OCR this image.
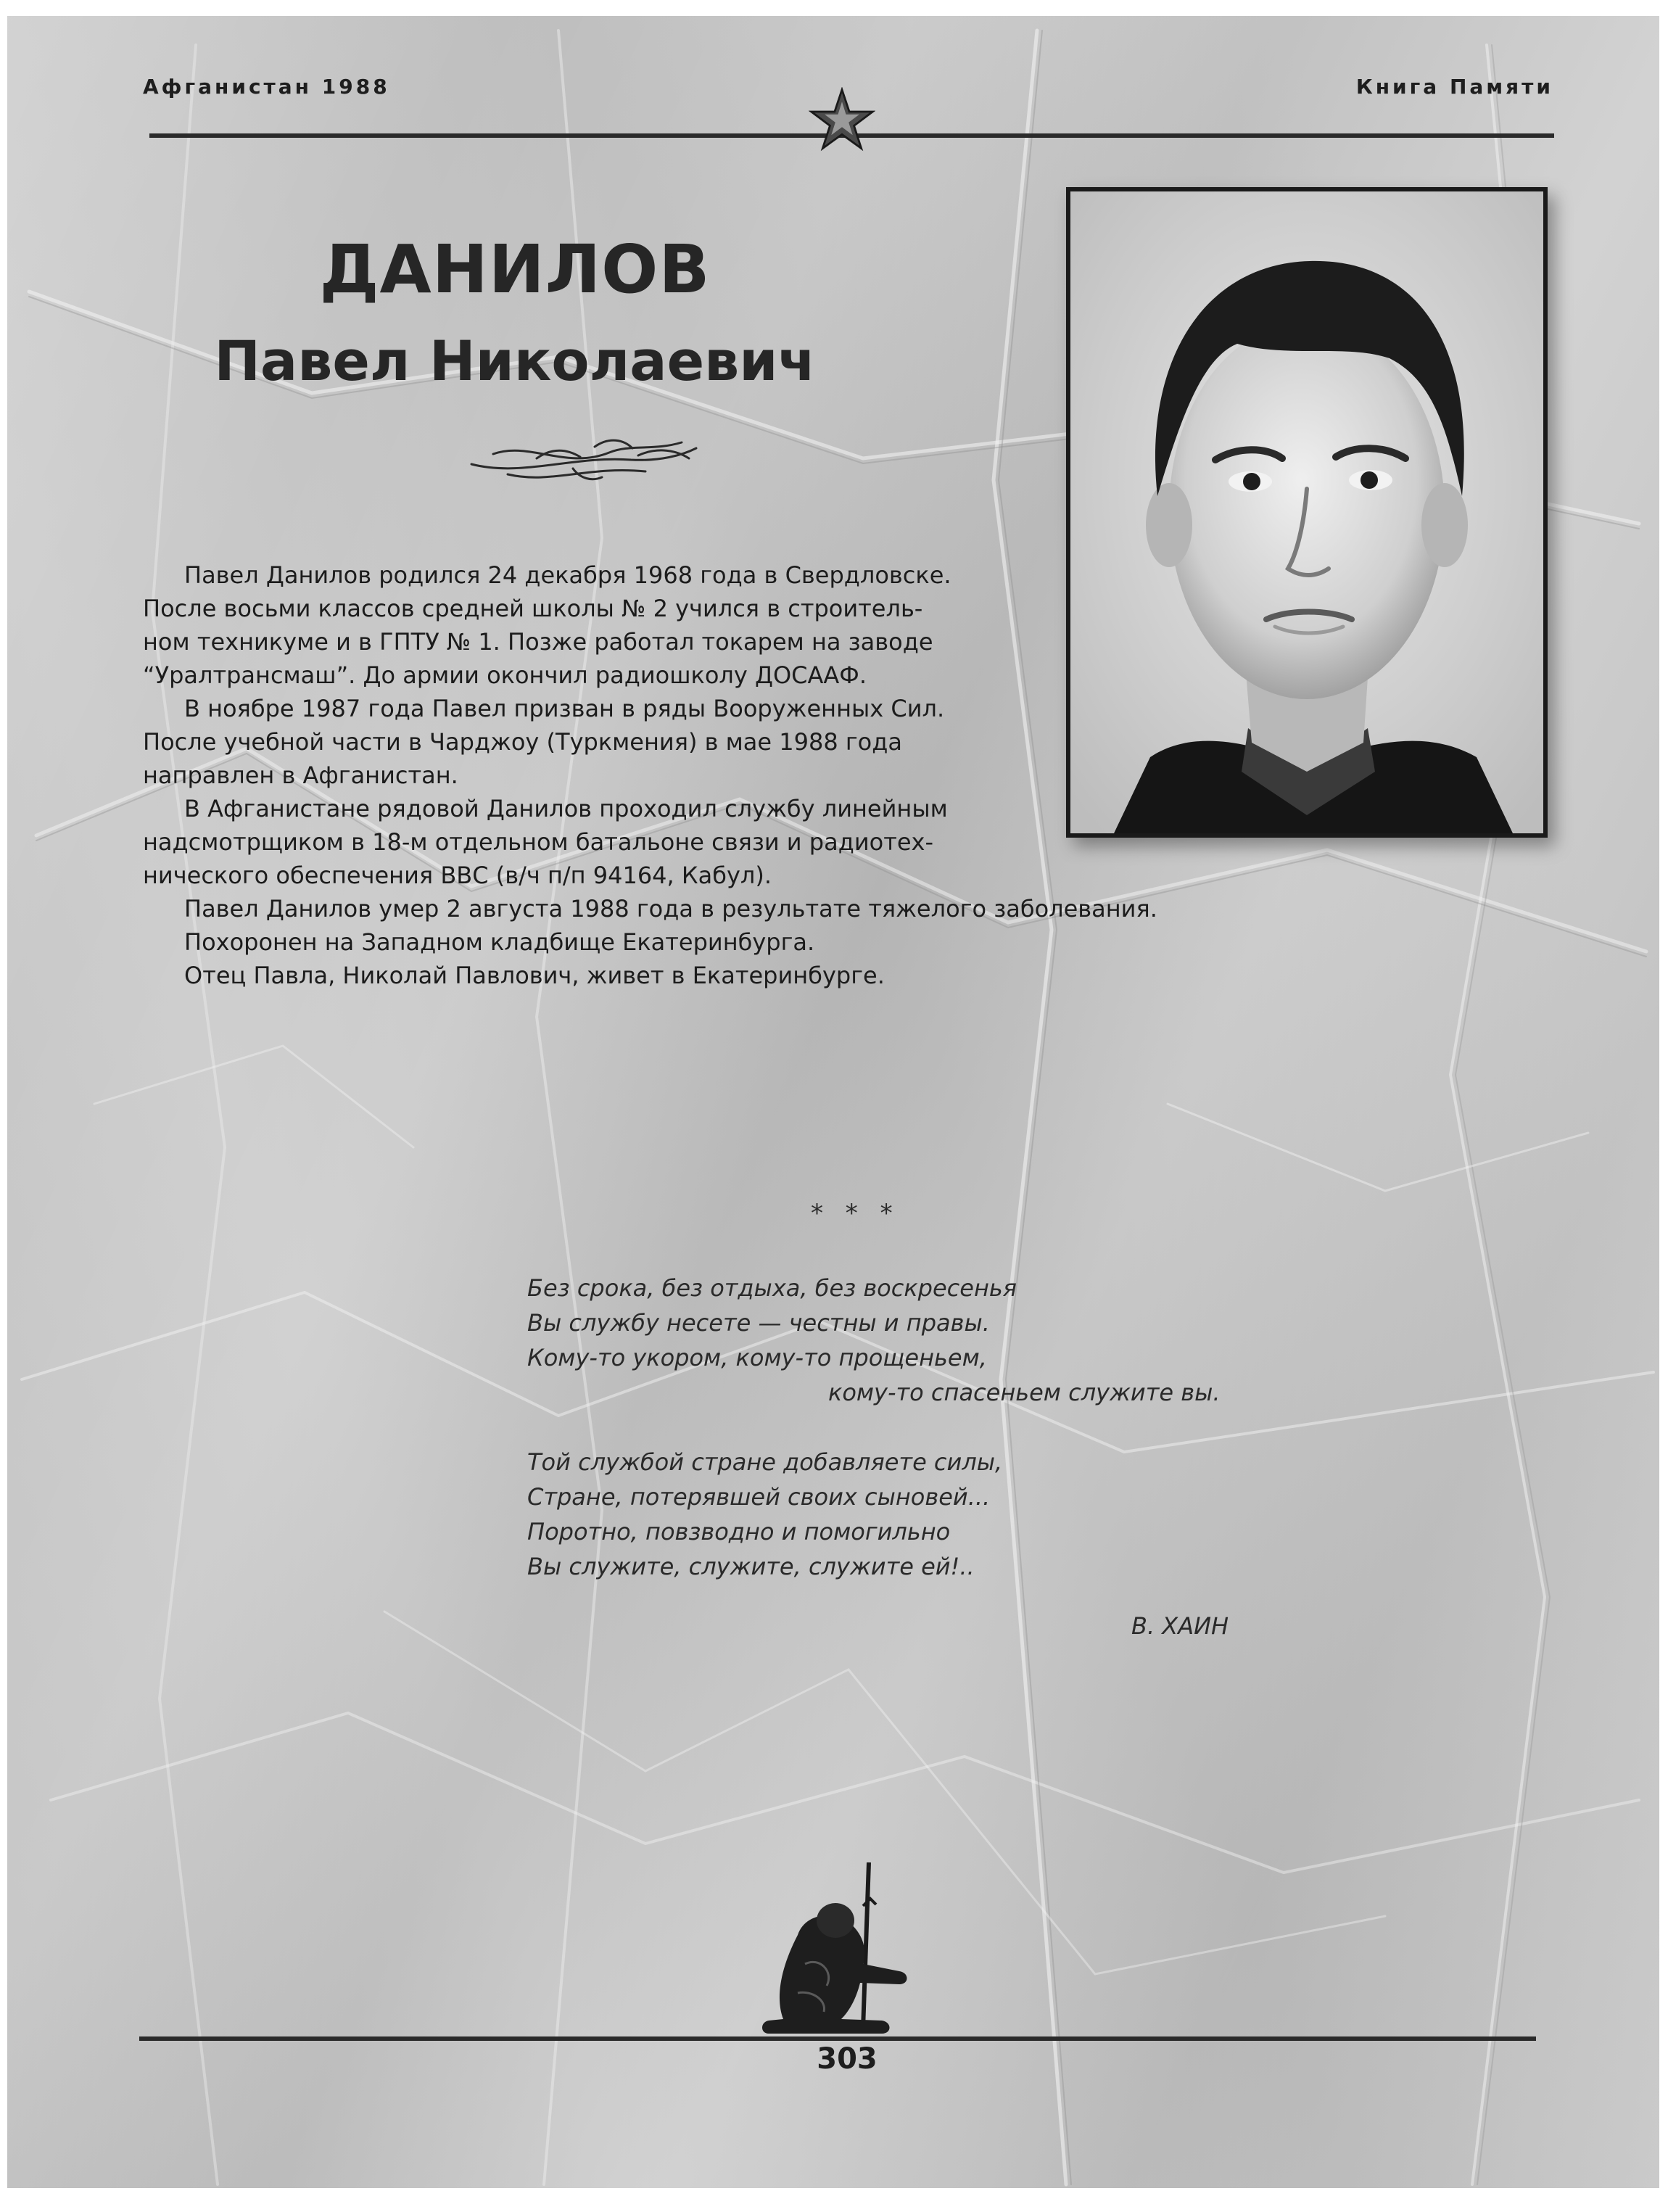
Афганистан 1988	Книга Памяти
ДАНИЛОВ
Павел Николаевич
Павел Данилов родился 24 декабря 1968 года в Свердловске.
После восьми классов средней школы № 2 учился в строитель-
ном техникуме и в ГПТУ № 1. Позже работал токарем на заводе
“Уралтрансмаш”. До армии окончил радиошколу ДОСААФ.
В ноябре 1987 года Павел призван в ряды Вооруженных Сил.
После учебной части в Чарджоу (Туркмения) в мае 1988 года
направлен в Афганистан.
В Афганистане рядовой Данилов проходил службу линейным
надсмотрщиком в 18-м отдельном батальоне связи и радиотех-
нического обеспечения ВВС (в/ч п/п 94164, Кабул).
Павел Данилов умер 2 августа 1988 года в результате тяжелого заболевания.
Похоронен на Западном кладбище Екатеринбурга.
Отец Павла, Николай Павлович, живет в Екатеринбурге.
* * *
Без срока, без отдыха, без воскресенья
Вы службу несете — честны и правы.
Кому-то укором, кому-то прощеньем,
кому-то спасеньем служите вы.
Той службой стране добавляете силы,
Стране, потерявшей своих сыновей...
Поротно, повзводно и помогильно
Вы служите, служите, служите ей!..
В. ХАИН
303
